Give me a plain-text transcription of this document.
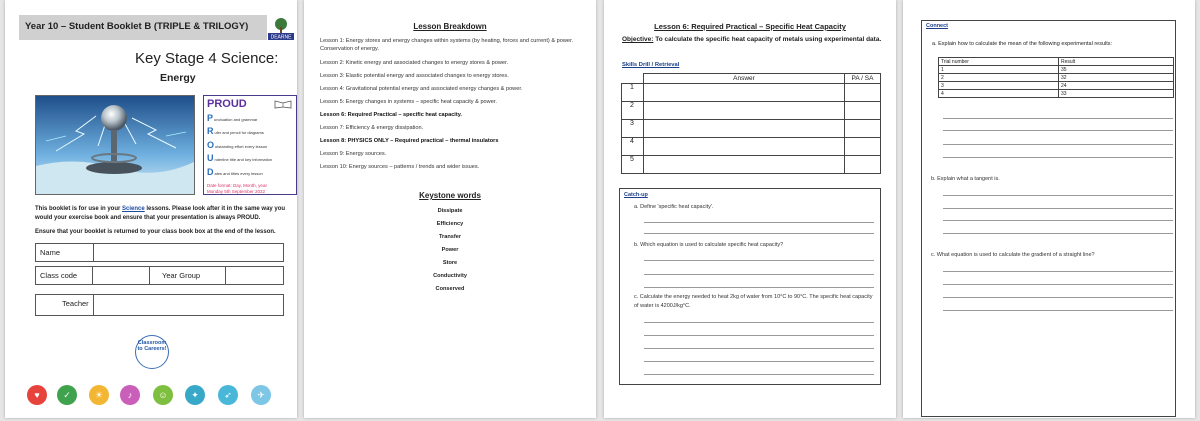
Year 10 – Student Booklet B (TRIPLE & TRILOGY)
DEARNE
Key Stage 4 Science:
Energy
PROUD
Punctuation and grammar
Ruler and pencil for diagrams
Outstanding effort every lesson
Underline title and key information
Dates and titles every lesson
Date format: Day, Month, year
Monday 5th September 2022
This booklet is for use in your Science lessons. Please look after it in the same way you would your exercise book and ensure that your presentation is always PROUD.
Ensure that your booklet is returned to your class book box at the end of the lesson.
Name
Class code	Year Group
Teacher
Classroom to Careers!
♥	✓	☀	♪	☺	✦	➶	✈
Lesson Breakdown
Lesson 1: Energy stores and energy changes within systems (by heating, forces and current) & power. Conservation of energy.
Lesson 2: Kinetic energy and associated changes to energy stores & power.
Lesson 3: Elastic potential energy and associated changes to energy stores.
Lesson 4: Gravitational potential energy and associated energy changes & power.
Lesson 5: Energy changes in systems – specific heat capacity & power.
Lesson 6: Required Practical – specific heat capacity.
Lesson 7: Efficiency & energy dissipation.
Lesson 8: PHYSICS ONLY – Required practical – thermal insulators
Lesson 9: Energy sources.
Lesson 10: Energy sources – patterns / trends and wider issues.
Keystone words
Dissipate
Efficiency
Transfer
Power
Store
Conductivity
Conserved
Lesson 6: Required Practical – Specific Heat Capacity
Objective: To calculate the specific heat capacity of metals using experimental data.
Skills Drill / Retrieval
	Answer	PA / SA
1		
2		
3		
4		
5		
Catch-up
a. Define 'specific heat capacity'.
b. Which equation is used to calculate specific heat capacity?
c. Calculate the energy needed to heat 2kg of water from 10°C to 90°C. The specific heat capacity of water is 4200J/kg°C.
Connect
a. Explain how to calculate the mean of the following experimental results:
Trial number	Result
1	35
2	32
3	24
4	33
b. Explain what a tangent is.
c. What equation is used to calculate the gradient of a straight line?
